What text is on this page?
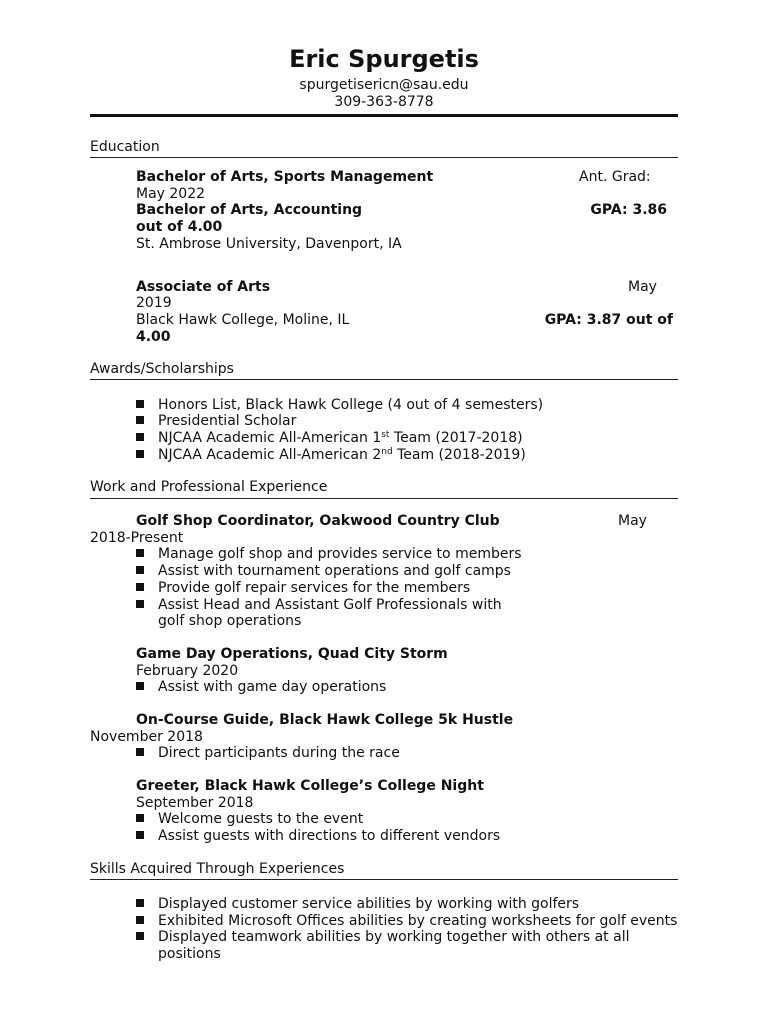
Eric Spurgetis
spurgetisericn@sau.edu
309-363-8778
Education
Bachelor of Arts, Sports Management	Ant. Grad:
May 2022
Bachelor of Arts, Accounting	GPA: 3.86
out of 4.00
St. Ambrose University, Davenport, IA
Associate of Arts	May
2019
Black Hawk College, Moline, IL	GPA: 3.87 out of
4.00
Awards/Scholarships
Honors List, Black Hawk College (4 out of 4 semesters)
Presidential Scholar
NJCAA Academic All-American 1st Team (2017-2018)
NJCAA Academic All-American 2nd Team (2018-2019)
Work and Professional Experience
Golf Shop Coordinator, Oakwood Country Club	May
2018-Present
Manage golf shop and provides service to members
Assist with tournament operations and golf camps
Provide golf repair services for the members
Assist Head and Assistant Golf Professionals with
golf shop operations
Game Day Operations, Quad City Storm
February 2020
Assist with game day operations
On-Course Guide, Black Hawk College 5k Hustle
November 2018
Direct participants during the race
Greeter, Black Hawk College’s College Night
September 2018
Welcome guests to the event
Assist guests with directions to different vendors
Skills Acquired Through Experiences
Displayed customer service abilities by working with golfers
Exhibited Microsoft Offices abilities by creating worksheets for golf events
Displayed teamwork abilities by working together with others at all
positions
